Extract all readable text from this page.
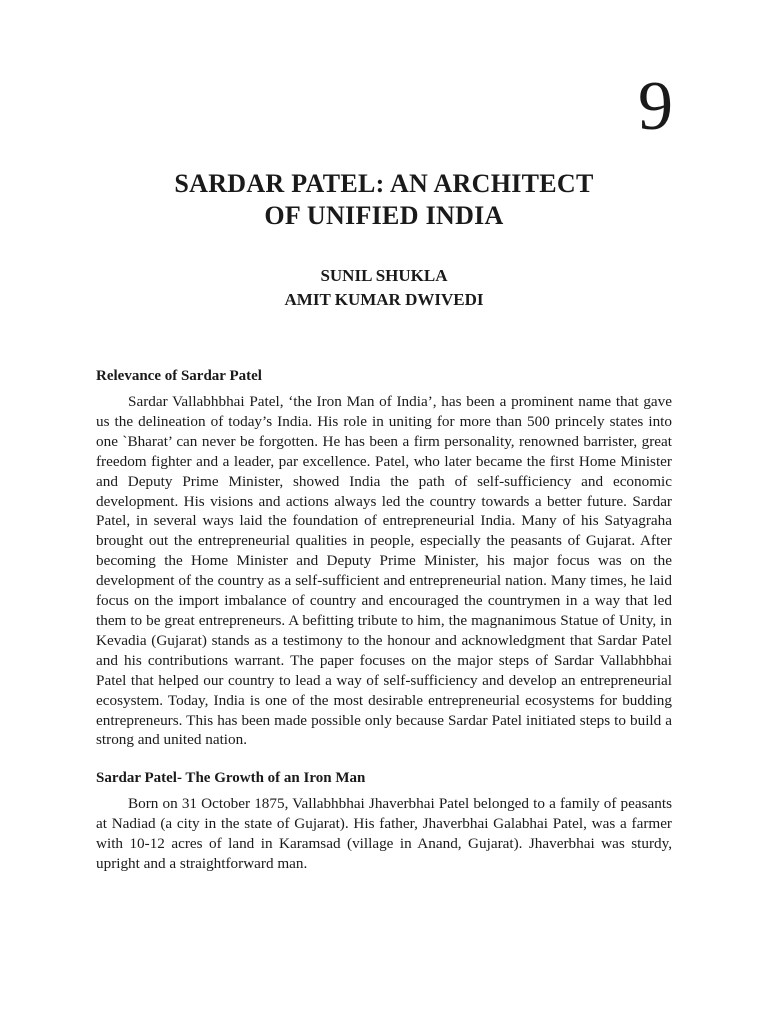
9
SARDAR PATEL: AN ARCHITECT
OF UNIFIED INDIA
SUNIL SHUKLA
AMIT KUMAR DWIVEDI
Relevance of Sardar Patel

Sardar Vallabhbhai Patel, ‘the Iron Man of India’, has been a prominent name that gave us the delineation of today’s India. His role in uniting for more than 500 princely states into one `Bharat’ can never be forgotten. He has been a firm personality, renowned barrister, great freedom fighter and a leader, par excellence. Patel, who later became the first Home Minister and Deputy Prime Minister, showed India the path of self-sufficiency and economic development. His visions and actions always led the country towards a better future. Sardar Patel, in several ways laid the foundation of entrepreneurial India. Many of his Satyagraha brought out the entrepreneurial qualities in people, especially the peasants of Gujarat. After becoming the Home Minister and Deputy Prime Minister, his major focus was on the development of the country as a self-sufficient and entrepreneurial nation. Many times, he laid focus on the import imbalance of country and encouraged the countrymen in a way that led them to be great entrepreneurs. A befitting tribute to him, the magnanimous Statue of Unity, in Kevadia (Gujarat) stands as a testimony to the honour and acknowledgment that Sardar Patel and his contributions warrant. The paper focuses on the major steps of Sardar Vallabhbhai Patel that helped our country to lead a way of self-sufficiency and develop an entrepreneurial ecosystem. Today, India is one of the most desirable entrepreneurial ecosystems for budding entrepreneurs. This has been made possible only because Sardar Patel initiated steps to build a strong and united nation.

Sardar Patel- The Growth of an Iron Man

Born on 31 October 1875, Vallabhbhai Jhaverbhai Patel belonged to a family of peasants at Nadiad (a city in the state of Gujarat). His father, Jhaverbhai Galabhai Patel, was a farmer with 10-12 acres of land in Karamsad (village in Anand, Gujarat). Jhaverbhai was sturdy, upright and a straightforward man.
